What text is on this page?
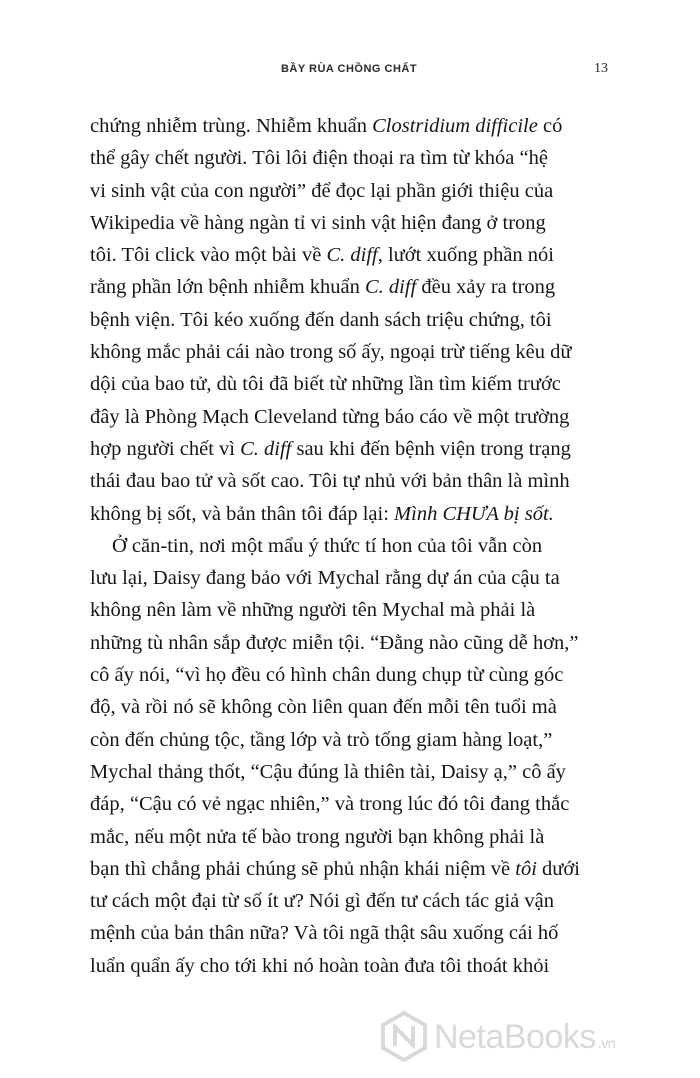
BẦY RÙA CHỒNG CHẤT	13
chứng nhiễm trùng. Nhiễm khuẩn Clostridium difficile có
thể gây chết người. Tôi lôi điện thoại ra tìm từ khóa “hệ
vi sinh vật của con người” để đọc lại phần giới thiệu của
Wikipedia về hàng ngàn tỉ vi sinh vật hiện đang ở trong
tôi. Tôi click vào một bài về C. diff, lướt xuống phần nói
rằng phần lớn bệnh nhiễm khuẩn C. diff đều xảy ra trong
bệnh viện. Tôi kéo xuống đến danh sách triệu chứng, tôi
không mắc phải cái nào trong số ấy, ngoại trừ tiếng kêu dữ
dội của bao tử, dù tôi đã biết từ những lần tìm kiếm trước
đây là Phòng Mạch Cleveland từng báo cáo về một trường
hợp người chết vì C. diff sau khi đến bệnh viện trong trạng
thái đau bao tử và sốt cao. Tôi tự nhủ với bản thân là mình
không bị sốt, và bản thân tôi đáp lại: Mình CHƯA bị sốt.
Ở căn-tin, nơi một mẩu ý thức tí hon của tôi vẫn còn
lưu lại, Daisy đang bảo với Mychal rằng dự án của cậu ta
không nên làm về những người tên Mychal mà phải là
những tù nhân sắp được miễn tội. “Đằng nào cũng dễ hơn,”
cô ấy nói, “vì họ đều có hình chân dung chụp từ cùng góc
độ, và rồi nó sẽ không còn liên quan đến mỗi tên tuổi mà
còn đến chủng tộc, tầng lớp và trò tống giam hàng loạt,”
Mychal thảng thốt, “Cậu đúng là thiên tài, Daisy ạ,” cô ấy
đáp, “Cậu có vẻ ngạc nhiên,” và trong lúc đó tôi đang thắc
mắc, nếu một nửa tế bào trong người bạn không phải là
bạn thì chẳng phải chúng sẽ phủ nhận khái niệm về tôi dưới
tư cách một đại từ số ít ư? Nói gì đến tư cách tác giả vận
mệnh của bản thân nữa? Và tôi ngã thật sâu xuống cái hố
luẩn quẩn ấy cho tới khi nó hoàn toàn đưa tôi thoát khỏi
NetaBooks .vn
